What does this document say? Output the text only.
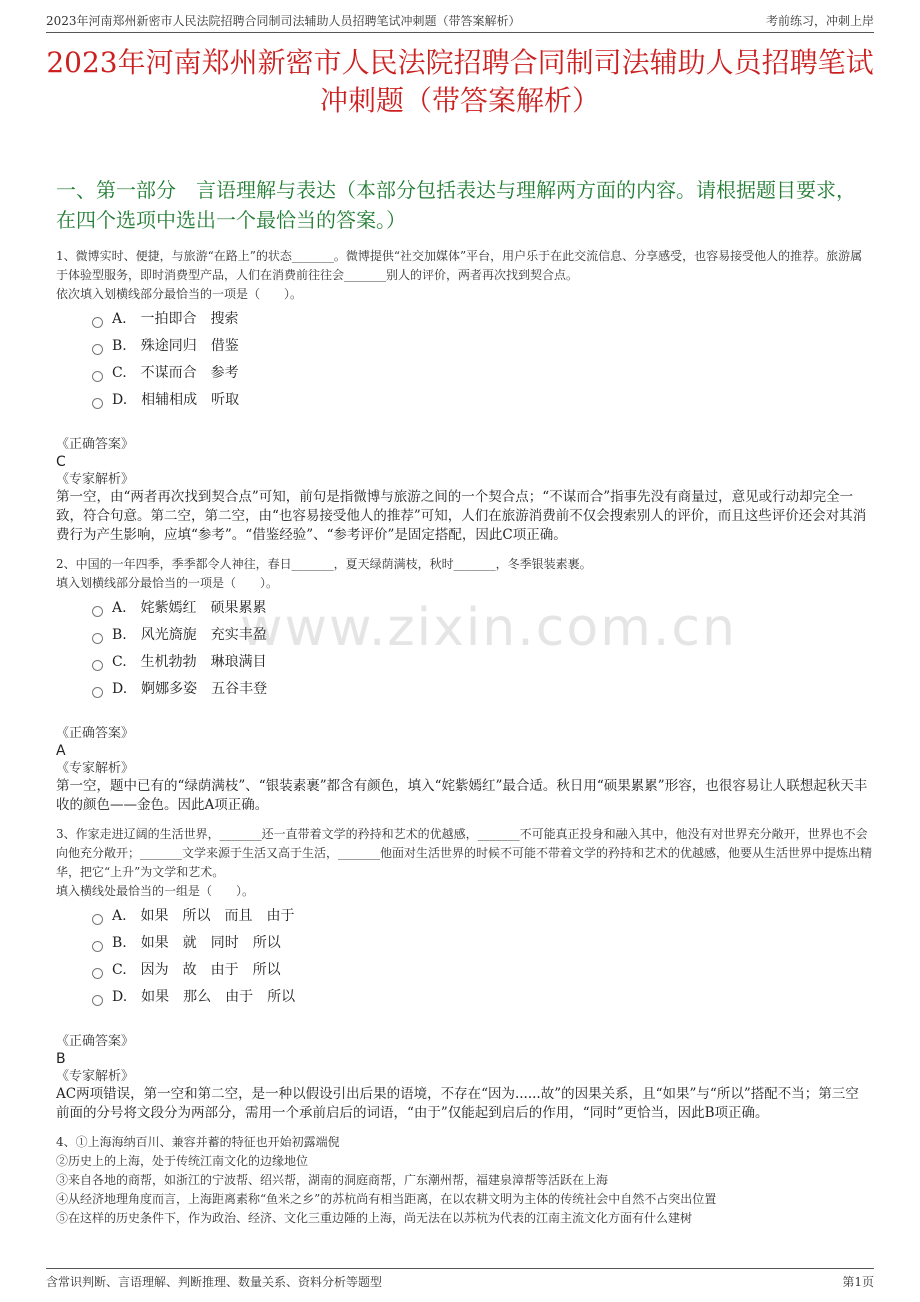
2023年河南郑州新密市人民法院招聘合同制司法辅助人员招聘笔试冲刺题（带答案解析）	考前练习，冲刺上岸
2023年河南郑州新密市人民法院招聘合同制司法辅助人员招聘笔试冲刺题（带答案解析）
一、第一部分　言语理解与表达（本部分包括表达与理解两方面的内容。请根据题目要求，在四个选项中选出一个最恰当的答案。）
www.zixin.com.cn
1、微博实时、便捷，与旅游“在路上”的状态_______。微博提供“社交加媒体”平台，用户乐于在此交流信息、分享感受，也容易接受他人的推荐。旅游属于体验型服务，即时消费型产品，人们在消费前往往会_______别人的评价，两者再次找到契合点。
依次填入划横线部分最恰当的一项是（　　）。
A.　一拍即合　搜索
B.　殊途同归　借鉴
C.　不谋而合　参考
D.　相辅相成　听取
《正确答案》
C
《专家解析》
第一空，由“两者再次找到契合点”可知，前句是指微博与旅游之间的一个契合点；“不谋而合”指事先没有商量过，意见或行动却完全一致，符合句意。第二空，第二空，由“也容易接受他人的推荐”可知，人们在旅游消费前不仅会搜索别人的评价，而且这些评价还会对其消费行为产生影响，应填“参考”。“借鉴经验”、“参考评价”是固定搭配，因此C项正确。
2、中国的一年四季，季季都令人神往，春日_______，夏天绿荫满枝，秋时_______，冬季银装素裹。
填入划横线部分最恰当的一项是（　　）。
A.　姹紫嫣红　硕果累累
B.　风光旖旎　充实丰盈
C.　生机勃勃　琳琅满目
D.　婀娜多姿　五谷丰登
《正确答案》
A
《专家解析》
第一空，题中已有的“绿荫满枝”、“银装素裹”都含有颜色，填入“姹紫嫣红”最合适。秋日用“硕果累累”形容，也很容易让人联想起秋天丰收的颜色——金色。因此A项正确。
3、作家走进辽阔的生活世界，_______还一直带着文学的矜持和艺术的优越感，_______不可能真正投身和融入其中，他没有对世界充分敞开，世界也不会向他充分敞开；_______文学来源于生活又高于生活，_______他面对生活世界的时候不可能不带着文学的矜持和艺术的优越感，他要从生活世界中提炼出精华，把它“上升”为文学和艺术。
填入横线处最恰当的一组是（　　）。
A.　如果　所以　而且　由于
B.　如果　就　同时　所以
C.　因为　故　由于　所以
D.　如果　那么　由于　所以
《正确答案》
B
《专家解析》
AC两项错误，第一空和第二空，是一种以假设引出后果的语境，不存在“因为......故”的因果关系，且“如果”与“所以”搭配不当；第三空前面的分号将文段分为两部分，需用一个承前启后的词语，“由于”仅能起到启后的作用，“同时”更恰当，因此B项正确。
4、①上海海纳百川、兼容并蓄的特征也开始初露端倪
②历史上的上海，处于传统江南文化的边缘地位
③来自各地的商帮，如浙江的宁波帮、绍兴帮，湖南的洞庭商帮，广东潮州帮，福建泉漳帮等活跃在上海
④从经济地理角度而言，上海距离素称“鱼米之乡”的苏杭尚有相当距离，在以农耕文明为主体的传统社会中自然不占突出位置
⑤在这样的历史条件下，作为政治、经济、文化三重边陲的上海，尚无法在以苏杭为代表的江南主流文化方面有什么建树
含常识判断、言语理解、判断推理、数量关系、资料分析等题型	第1页
